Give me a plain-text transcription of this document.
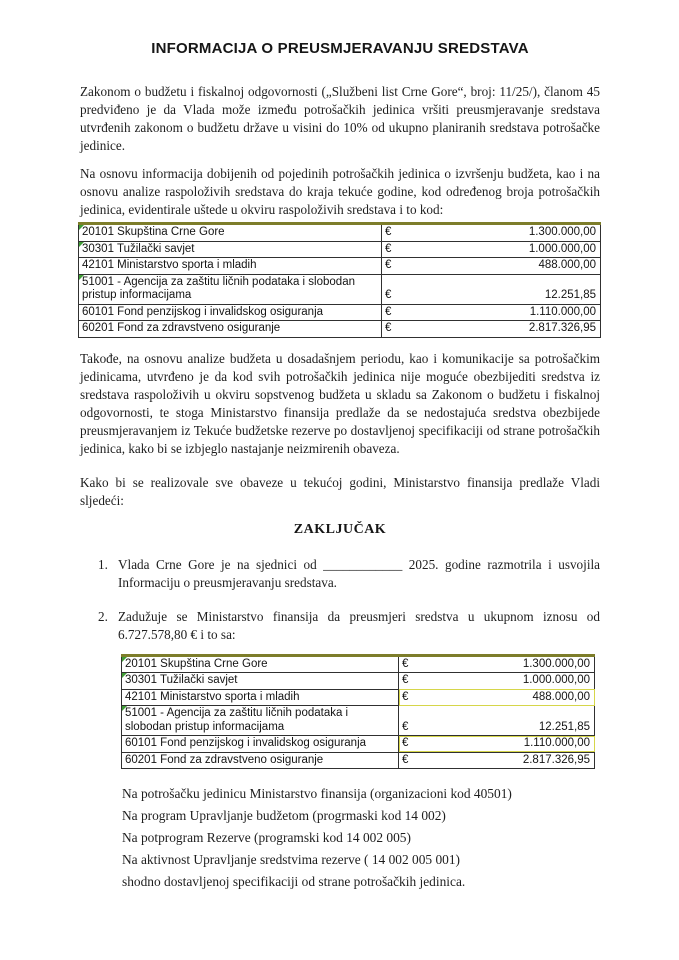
INFORMACIJA O PREUSMJERAVANJU SREDSTAVA

Zakonom o budžetu i fiskalnoj odgovornosti („Službeni list Crne Gore“, broj: 11/25/), članom 45 predviđeno je da Vlada može između potrošačkih jedinica vršiti preusmjeravanje sredstava utvrđenih zakonom o budžetu države u visini do 10% od ukupno planiranih sredstava potrošačke jedinice.

Na osnovu informacija dobijenih od pojedinih potrošačkih jedinica o izvršenju budžeta, kao i na osnovu analize raspoloživih sredstava do kraja tekuće godine, kod određenog broja potrošačkih jedinica, evidentirale uštede u okviru raspoloživih sredstava i to kod:

20101 Skupština Crne Gore	€ 1.300.000,00

30301 Tužilački savjet	€ 1.000.000,00

42101 Ministarstvo sporta i mladih	€ 488.000,00

51001 - Agencija za zaštitu ličnih podataka i slobodan pristup informacijama	€ 12.251,85

60101 Fond penzijskog i invalidskog osiguranja	€ 1.110.000,00

60201 Fond za zdravstveno osiguranje	€ 2.817.326,95

Takođe, na osnovu analize budžeta u dosadašnjem periodu, kao i komunikacije sa potrošačkim jedinicama, utvrđeno je da kod svih potrošačkih jedinica nije moguće obezbijediti sredstva iz sredstava raspoloživih u okviru sopstvenog budžeta u skladu sa Zakonom o budžetu i fiskalnoj odgovornosti, te stoga Ministarstvo finansija predlaže da se nedostajuća sredstva obezbijede preusmjeravanjem iz Tekuće budžetske rezerve po dostavljenoj specifikaciji od strane potrošačkih jedinica, kako bi se izbjeglo nastajanje neizmirenih obaveza.

Kako bi se realizovale sve obaveze u tekućoj godini, Ministarstvo finansija predlaže Vladi sljedeći:

ZAKLJUČAK
1. Vlada Crne Gore je na sjednici od ____________ 2025. godine razmotrila i usvojila Informaciju o preusmjeravanju sredstava.
2. Zadužuje se Ministarstvo finansija da preusmjeri sredstva u ukupnom iznosu od 6.727.578,80 € i to sa:
20101 Skupština Crne Gore	€ 1.300.000,00

30301 Tužilački savjet	€ 1.000.000,00

42101 Ministarstvo sporta i mladih	€ 488.000,00

51001 - Agencija za zaštitu ličnih podataka i slobodan pristup informacijama	€ 12.251,85

60101 Fond penzijskog i invalidskog osiguranja	€ 1.110.000,00

60201 Fond za zdravstveno osiguranje	€ 2.817.326,95
Na potrošačku jedinicu Ministarstvo finansija (organizacioni kod 40501)
Na program Upravljanje budžetom (progrmaski kod 14 002)
Na potprogram Rezerve (programski kod 14 002 005)
Na aktivnost Upravljanje sredstvima rezerve ( 14 002 005 001)
shodno dostavljenoj specifikaciji od strane potrošačkih jedinica.
